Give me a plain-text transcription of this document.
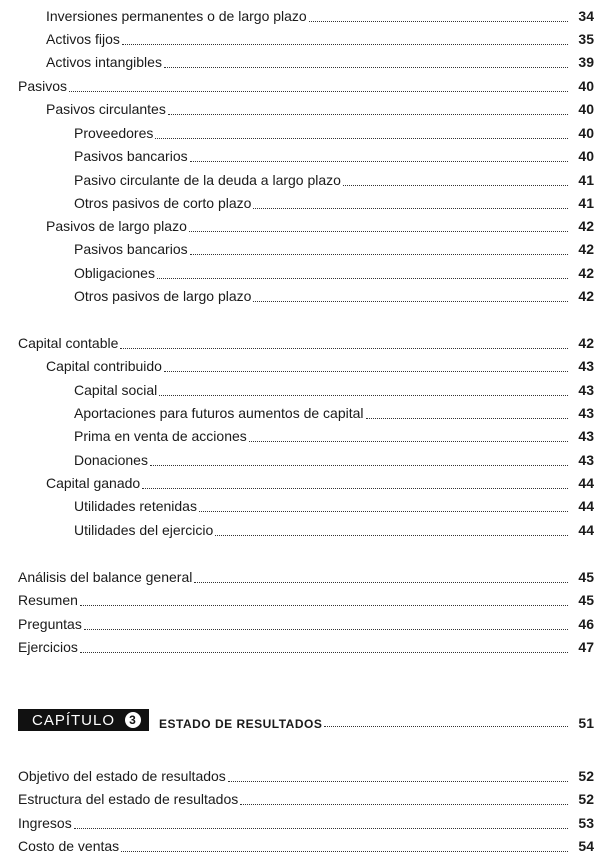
Inversiones permanentes o de largo plazo	34
Activos fijos	35
Activos intangibles	39
Pasivos	40
Pasivos circulantes	40
Proveedores	40
Pasivos bancarios	40
Pasivo circulante de la deuda a largo plazo	41
Otros pasivos de corto plazo	41
Pasivos de largo plazo	42
Pasivos bancarios	42
Obligaciones	42
Otros pasivos de largo plazo	42
Capital contable	42
Capital contribuido	43
Capital social	43
Aportaciones para futuros aumentos de capital	43
Prima en venta de acciones	43
Donaciones	43
Capital ganado	44
Utilidades retenidas	44
Utilidades del ejercicio	44
Análisis del balance general	45
Resumen	45
Preguntas	46
Ejercicios	47
CAPÍTULO	3	ESTADO DE RESULTADOS	51
Objetivo del estado de resultados	52
Estructura del estado de resultados	52
Ingresos	53
Costo de ventas	54
